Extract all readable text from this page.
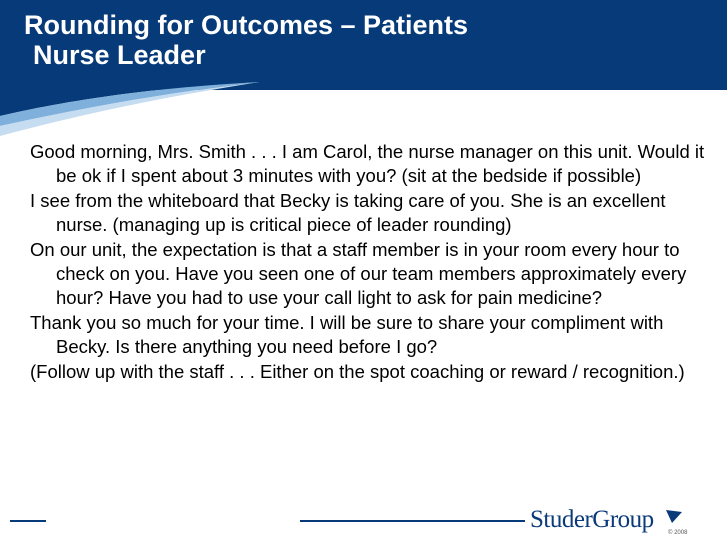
Rounding for Outcomes – Patients
Nurse Leader

Good morning, Mrs. Smith . . . I am Carol, the nurse manager on this unit. Would it be ok if I spent about 3 minutes with you? (sit at the bedside if possible)

I see from the whiteboard that Becky is taking care of you. She is an excellent nurse. (managing up is critical piece of leader rounding)

On our unit, the expectation is that a staff member is in your room every hour to check on you. Have you seen one of our team members approximately every hour? Have you had to use your call light to ask for pain medicine?

Thank you so much for your time. I will be sure to share your compliment with Becky. Is there anything you need before I go?

(Follow up with the staff . . . Either on the spot coaching or reward / recognition.)

StuderGroup © 2008
